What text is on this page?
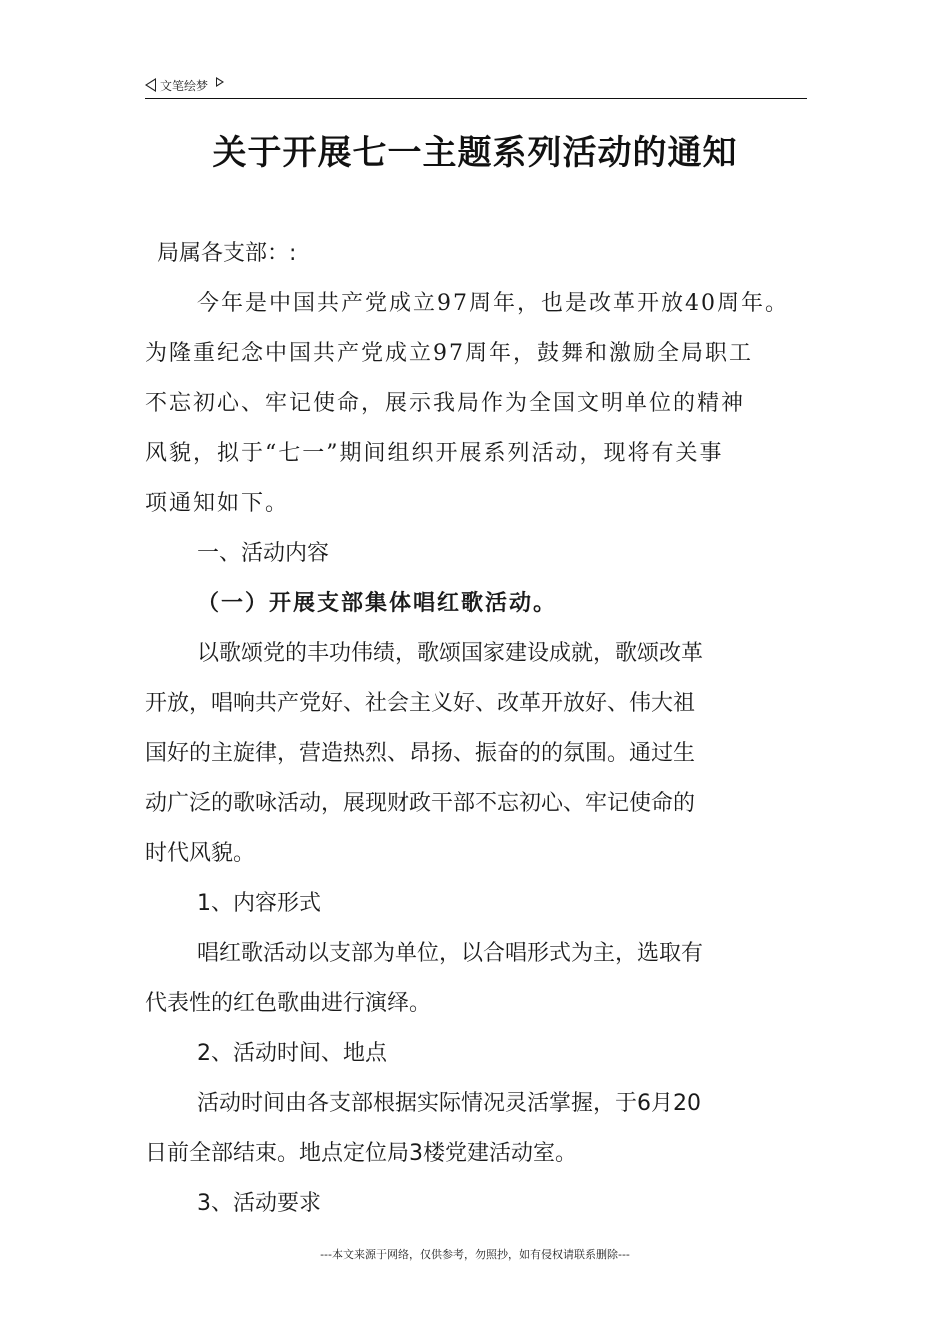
文笔绘梦
关于开展七一主题系列活动的通知
局属各支部：:
今年是中国共产党成立97周年，也是改革开放40周年。
为隆重纪念中国共产党成立97周年，鼓舞和激励全局职工
不忘初心、牢记使命，展示我局作为全国文明单位的精神
风貌，拟于“七一”期间组织开展系列活动，现将有关事
项通知如下。
一、活动内容
（一）开展支部集体唱红歌活动。
以歌颂党的丰功伟绩，歌颂国家建设成就，歌颂改革
开放，唱响共产党好、社会主义好、改革开放好、伟大祖
国好的主旋律，营造热烈、昂扬、振奋的的氛围。通过生
动广泛的歌咏活动，展现财政干部不忘初心、牢记使命的
时代风貌。
1、内容形式
唱红歌活动以支部为单位，以合唱形式为主，选取有
代表性的红色歌曲进行演绎。
2、活动时间、地点
活动时间由各支部根据实际情况灵活掌握，于6月20
日前全部结束。地点定位局3楼党建活动室。
3、活动要求
---本文来源于网络，仅供参考，勿照抄，如有侵权请联系删除---
